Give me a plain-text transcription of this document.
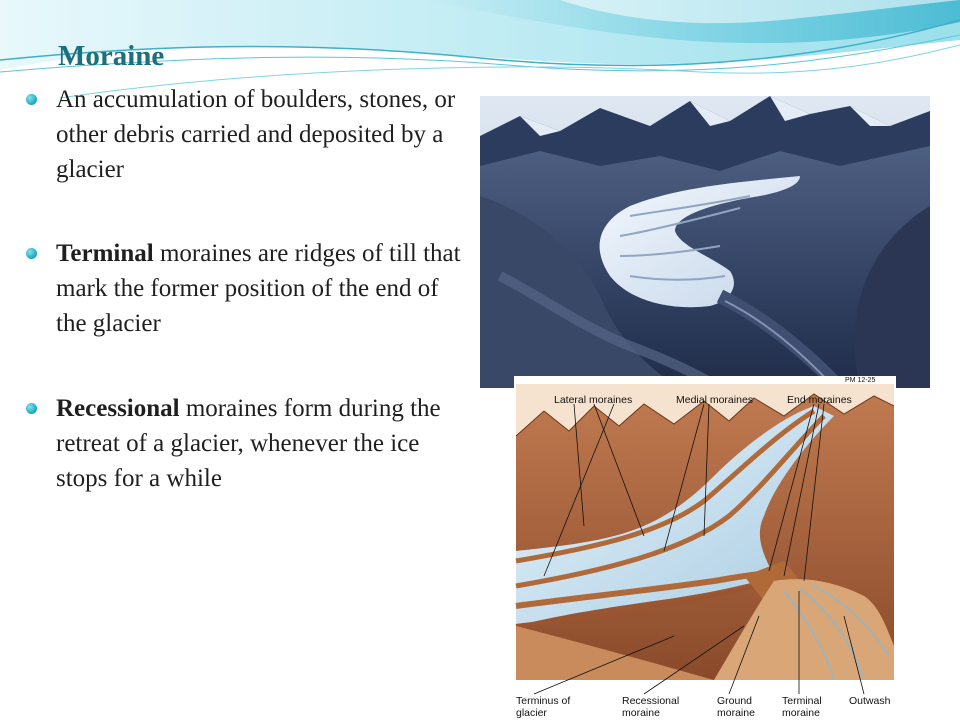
Moraine
An accumulation of boulders, stones, or other debris carried and deposited by a glacier
Terminal moraines are ridges of till that mark the former position of the end of the glacier
Recessional moraines form during the retreat of a glacier, whenever the ice stops for a while
PM 12-25
Lateral moraines	Medial moraines	End moraines
Terminus of glacier
Recessional moraine
Ground moraine
Terminal moraine
Outwash
